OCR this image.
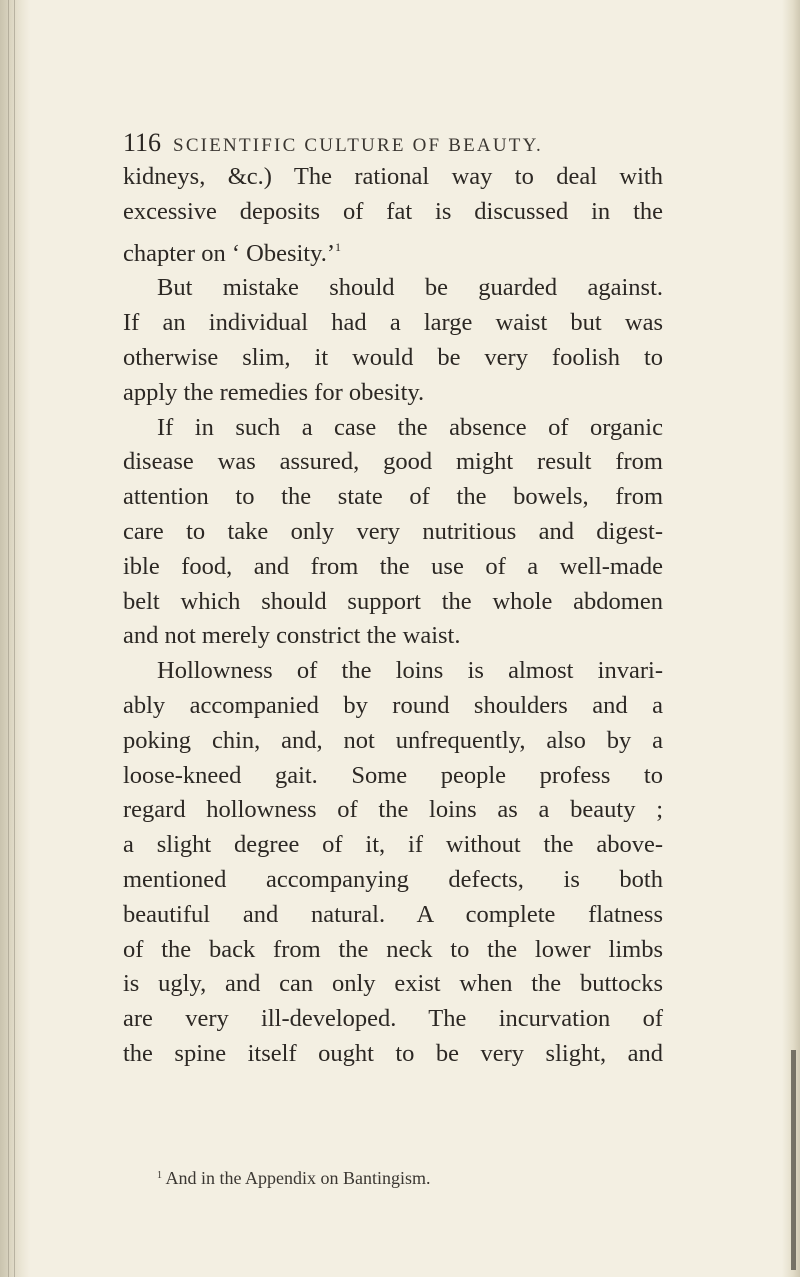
116 SCIENTIFIC CULTURE OF BEAUTY.
kidneys, &c.) The rational way to deal with
excessive deposits of fat is discussed in the
chapter on ‘ Obesity.’$^1$
But mistake should be guarded against.
If an individual had a large waist but was
otherwise slim, it would be very foolish to
apply the remedies for obesity.
If in such a case the absence of organic
disease was assured, good might result from
attention to the state of the bowels, from
care to take only very nutritious and digest-
ible food, and from the use of a well-made
belt which should support the whole abdomen
and not merely constrict the waist.
Hollowness of the loins is almost invari-
ably accompanied by round shoulders and a
poking chin, and, not unfrequently, also by a
loose-kneed gait. Some people profess to
regard hollowness of the loins as a beauty ;
a slight degree of it, if without the above-
mentioned accompanying defects, is both
beautiful and natural. A complete flatness
of the back from the neck to the lower limbs
is ugly, and can only exist when the buttocks
are very ill-developed. The incurvation of
the spine itself ought to be very slight, and
$^1$ And in the Appendix on Bantingism.
